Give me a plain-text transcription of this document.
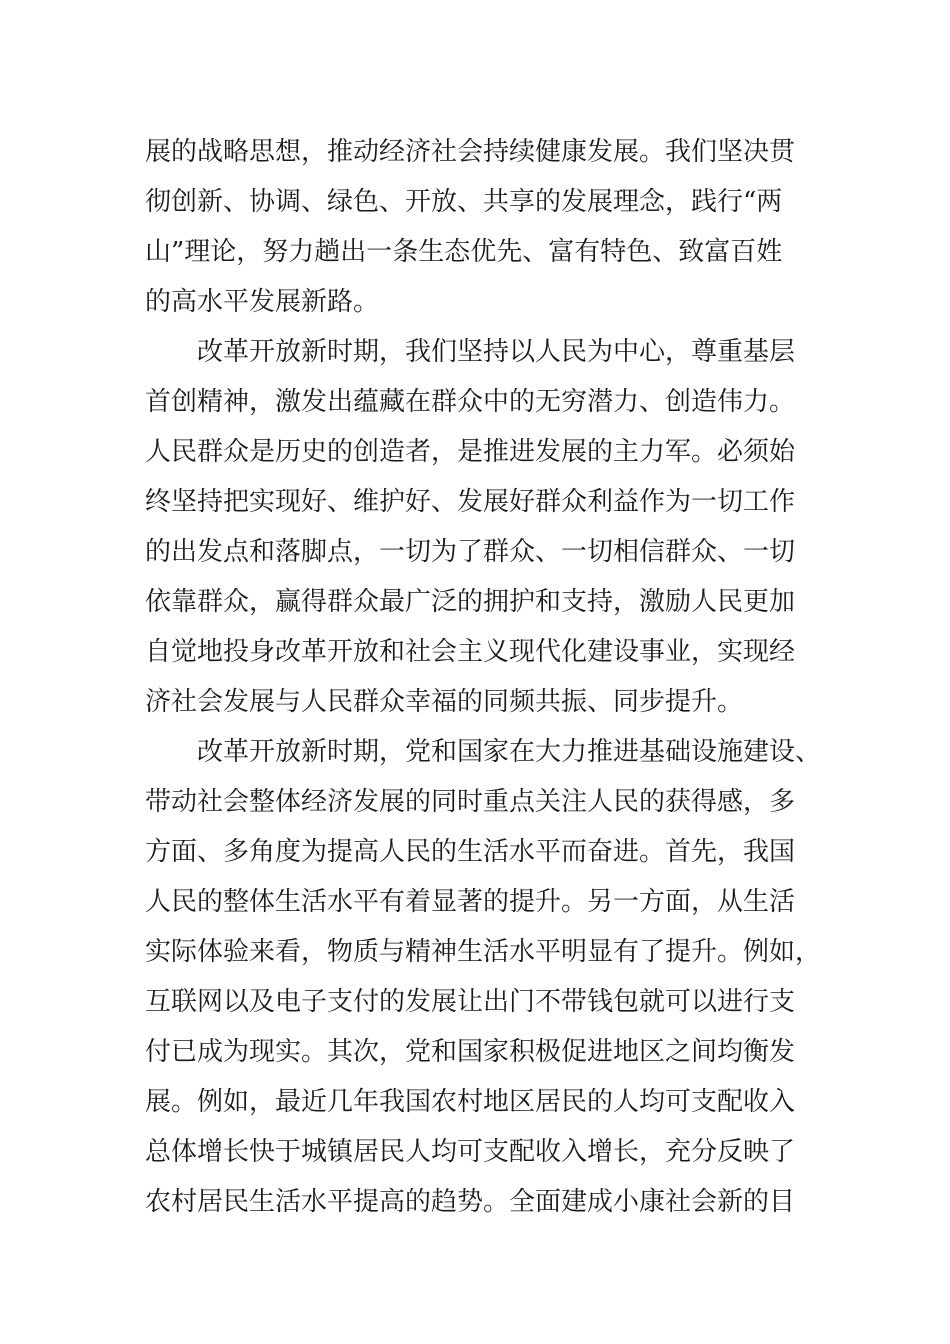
展的战略思想，推动经济社会持续健康发展。我们坚决贯

彻创新、协调、绿色、开放、共享的发展理念，践行“两

山”理论，努力趟出一条生态优先、富有特色、致富百姓

的高水平发展新路。

改革开放新时期，我们坚持以人民为中心，尊重基层

首创精神，激发出蕴藏在群众中的无穷潜力、创造伟力。

人民群众是历史的创造者，是推进发展的主力军。必须始

终坚持把实现好、维护好、发展好群众利益作为一切工作

的出发点和落脚点，一切为了群众、一切相信群众、一切

依靠群众，赢得群众最广泛的拥护和支持，激励人民更加

自觉地投身改革开放和社会主义现代化建设事业，实现经

济社会发展与人民群众幸福的同频共振、同步提升。

改革开放新时期，党和国家在大力推进基础设施建设、

带动社会整体经济发展的同时重点关注人民的获得感，多

方面、多角度为提高人民的生活水平而奋进。首先，我国

人民的整体生活水平有着显著的提升。另一方面，从生活

实际体验来看，物质与精神生活水平明显有了提升。例如，

互联网以及电子支付的发展让出门不带钱包就可以进行支

付已成为现实。其次，党和国家积极促进地区之间均衡发

展。例如，最近几年我国农村地区居民的人均可支配收入

总体增长快于城镇居民人均可支配收入增长，充分反映了

农村居民生活水平提高的趋势。全面建成小康社会新的目
